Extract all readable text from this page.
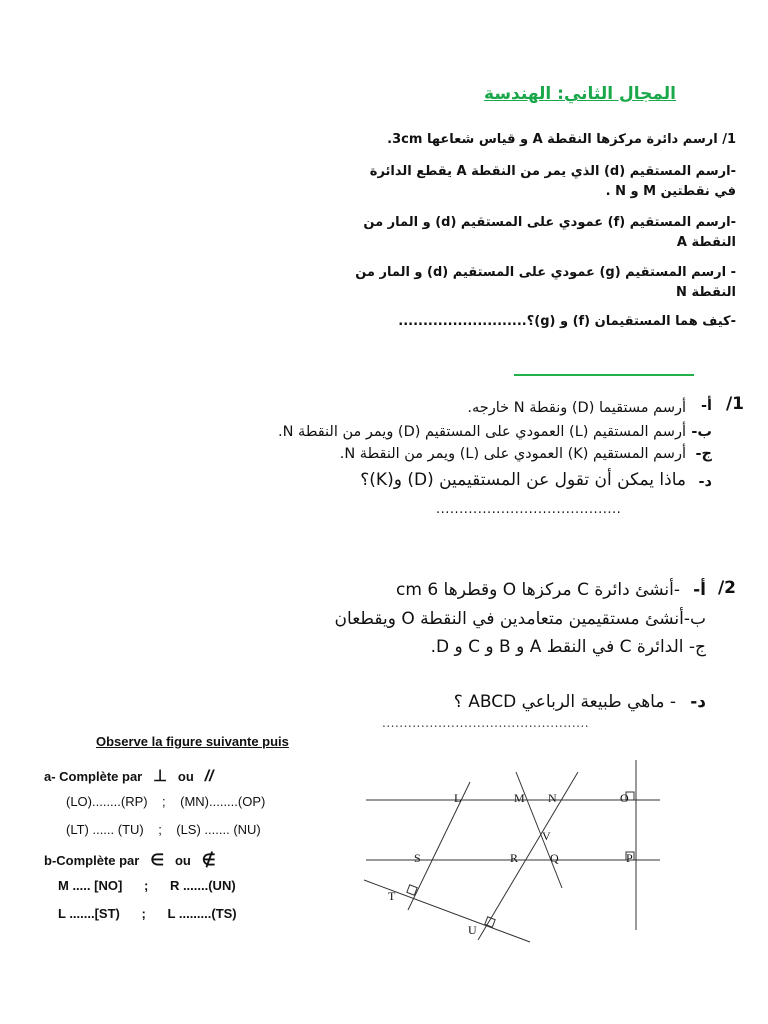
المجال الثاني: الهندسة
1/ ارسم دائرة مركزها النقطة A و قياس شعاعها 3cm.
-ارسم المستقيم (d) الذي يمر من النقطة A يقطع الدائرة
في نقطتين M و N .
-ارسم المستقيم (f) عمودي على المستقيم (d) و المار من
النقطة A
- ارسم المستقيم (g) عمودي على المستقيم (d) و المار من
النقطة N
-كيف هما المستقيمان (f) و (g)؟..........................
/1
أ-
أرسم مستقيما (D) ونقطة N خارجه.
ب-
أرسم المستقيم (L) العمودي على المستقيم (D) ويمر من النقطة N.
ج-
أرسم المستقيم (K) العمودي على (L) ويمر من النقطة N.
د-
ماذا يمكن أن تقول عن المستقيمين (D) و(K)؟
........................................
/2
أ-
-أنشئ دائرة C مركزها O وقطرها 6 cm
ب-أنشئ مستقيمين متعامدين في النقطة O ويقطعان
ج- الدائرة C في النقط A و B و C و D.
د-
- ماهي طبيعة الرباعي ABCD ؟
................................................
Observe la figure suivante puis
a- Complète par ⊥ ou //
(LO)........(RP)    ;    (MN)........(OP)
(LT) ...... (TU)    ;    (LS) ....... (NU)
b-Complète par ∈ ou ∉
M ..... [NO]      ;      R .......(UN)
L .......[ST)      ;      L .........(TS)
L	M N	O
V
S	R	Q	P
T
U
